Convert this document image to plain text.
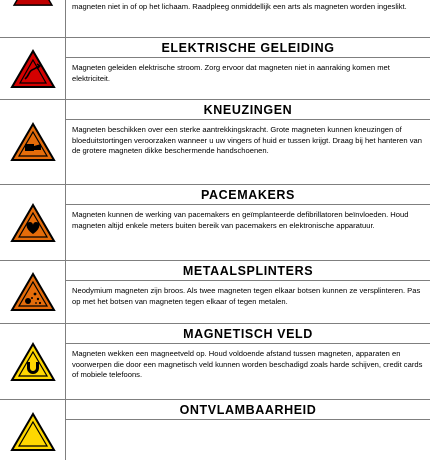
magneten niet in of op het lichaam. Raadpleeg onmiddellijk een arts als magneten worden ingeslikt.
ELEKTRISCHE GELEIDING
Magneten geleiden elektrische stroom. Zorg ervoor dat magneten niet in aanraking komen met elektriciteit.
KNEUZINGEN
Magneten beschikken over een sterke aantrekkingskracht. Grote magneten kunnen kneuzingen of bloeduitstortingen veroorzaken wanneer u uw vingers of huid er tussen krijgt. Draag bij het hanteren van de grotere magneten dikke beschermende handschoenen.
PACEMAKERS
Magneten kunnen de werking van pacemakers en geïmplanteerde defibrillatoren beïnvloeden. Houd magneten altijd enkele meters buiten bereik van pacemakers en elektronische apparatuur.
METAALSPLINTERS
Neodymium magneten zijn broos. Als twee magneten tegen elkaar botsen kunnen ze versplinteren. Pas op met het botsen van magneten tegen elkaar of tegen metalen.
MAGNETISCH VELD
Magneten wekken een magneetveld op. Houd voldoende afstand tussen magneten, apparaten en voorwerpen die door een magnetisch veld kunnen worden beschadigd zoals harde schijven, credit cards of mobiele telefoons.
ONTVLAMBAARHEID
